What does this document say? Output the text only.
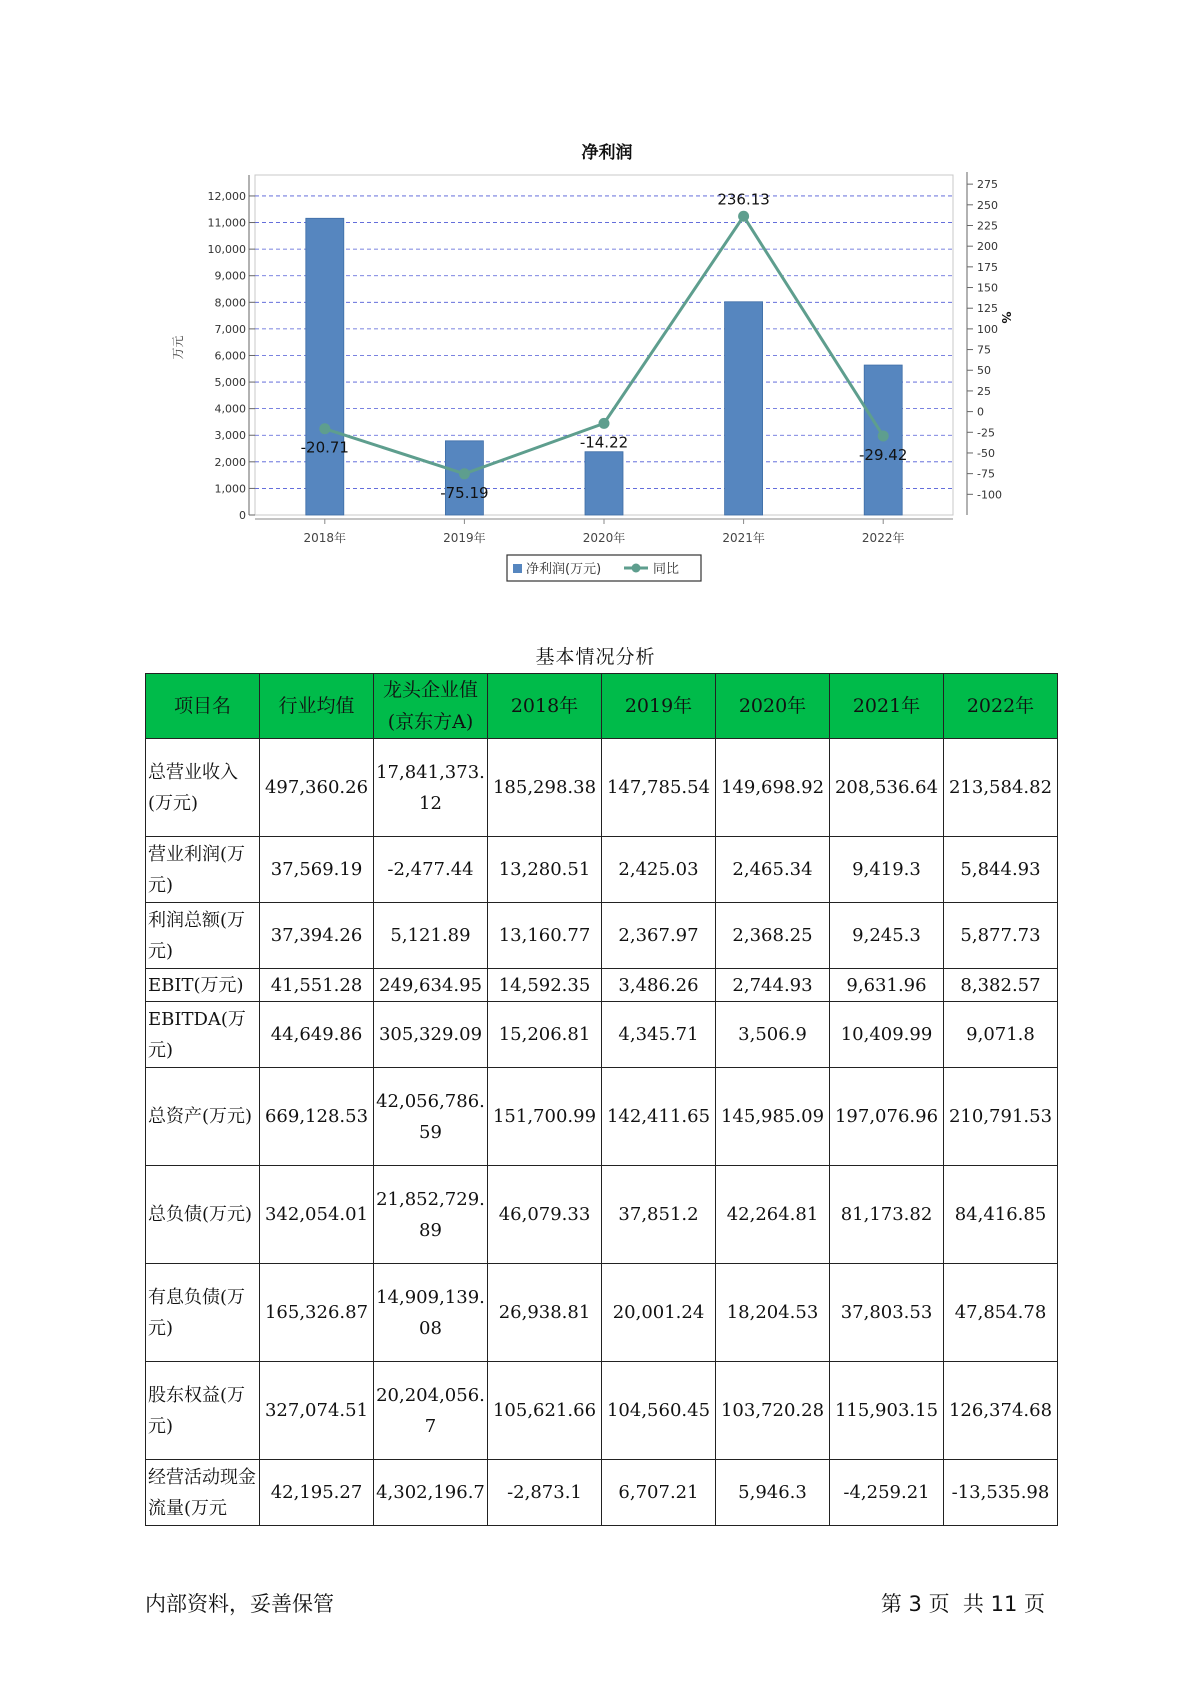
净利润
0
1,000
2,000
3,000
4,000
5,000
6,000
7,000
8,000
9,000
10,000
11,000
12,000
万元
-100
-75
-50
-25
0
25
50
75
100
125
150
175
200
225
250
275
%
2018年	2019年	2020年	2021年	2022年
-20.71
-75.19
-14.22
236.13
-29.42
净利润(万元)	同比
基本情况分析
项目名	行业均值	龙头企业值(京东方A)	2018年	2019年	2020年	2021年	2022年
总营业收入(万元)	497,360.26	17,841,373.12	185,298.38	147,785.54	149,698.92	208,536.64	213,584.82
营业利润(万元)	37,569.19	-2,477.44	13,280.51	2,425.03	2,465.34	9,419.3	5,844.93
利润总额(万元)	37,394.26	5,121.89	13,160.77	2,367.97	2,368.25	9,245.3	5,877.73
EBIT(万元)	41,551.28	249,634.95	14,592.35	3,486.26	2,744.93	9,631.96	8,382.57
EBITDA(万元)	44,649.86	305,329.09	15,206.81	4,345.71	3,506.9	10,409.99	9,071.8
总资产(万元)	669,128.53	42,056,786.59	151,700.99	142,411.65	145,985.09	197,076.96	210,791.53
总负债(万元)	342,054.01	21,852,729.89	46,079.33	37,851.2	42,264.81	81,173.82	84,416.85
有息负债(万元)	165,326.87	14,909,139.08	26,938.81	20,001.24	18,204.53	37,803.53	47,854.78
股东权益(万元)	327,074.51	20,204,056.7	105,621.66	104,560.45	103,720.28	115,903.15	126,374.68
经营活动现金流量(万元	42,195.27	4,302,196.7	-2,873.1	6,707.21	5,946.3	-4,259.21	-13,535.98
内部资料，妥善保管	第 3 页  共 11 页
